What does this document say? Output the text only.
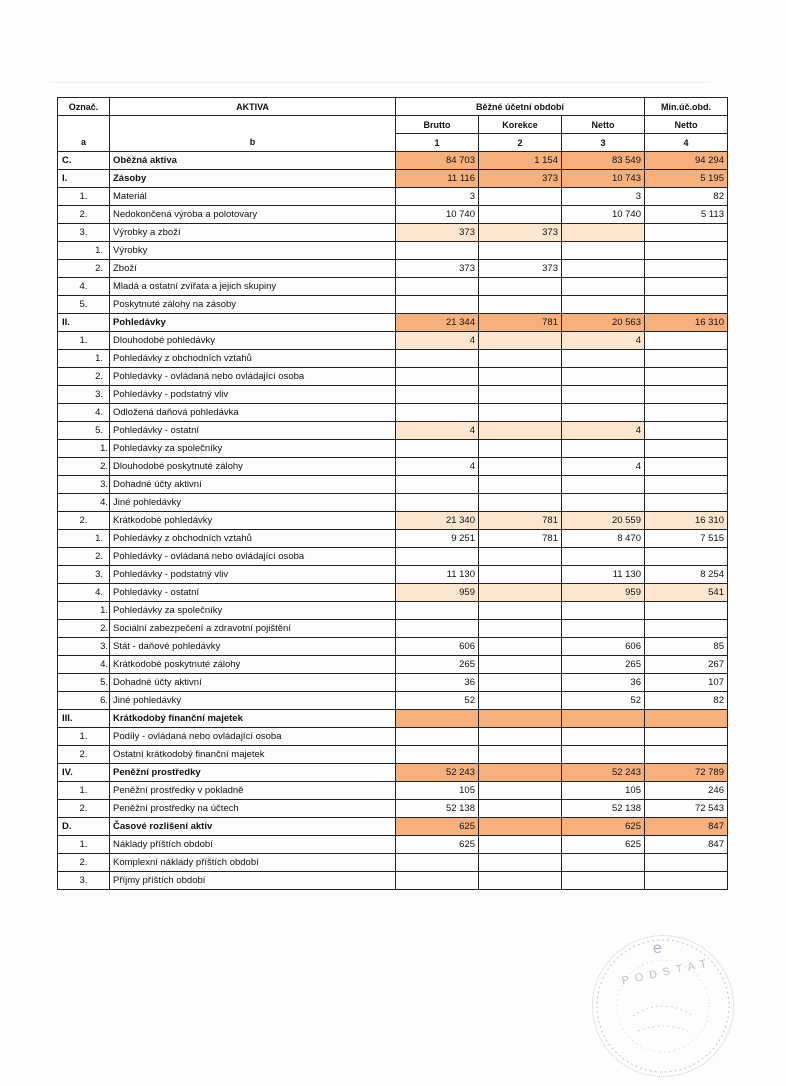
Označ.	AKTIVA	Běžné účetní období			Min.úč.obd.
		Brutto	Korekce	Netto	Netto
a	b	1	2	3	4
C.	Oběžná aktiva	84 703	1 154	83 549	94 294
I.	Zásoby	11 116	373	10 743	5 195
1.	Materiál	3		3	82
2.	Nedokončená výroba a polotovary	10 740		10 740	5 113
3.	Výrobky a zboží	373	373		
1.	Výrobky				
2.	Zboží	373	373		
4.	Mladá a ostatní zvířata a jejich skupiny				
5.	Poskytnuté zálohy na zásoby				
II.	Pohledávky	21 344	781	20 563	16 310
1.	Dlouhodobé pohledávky	4		4	
1.	Pohledávky z obchodních vztahů				
2.	Pohledávky - ovládaná nebo ovládající osoba				
3.	Pohledávky - podstatný vliv				
4.	Odložená daňová pohledávka				
5.	Pohledávky - ostatní	4		4	
1.	Pohledávky za společníky				
2.	Dlouhodobé poskytnuté zálohy	4		4	
3.	Dohadné účty aktivní				
4.	Jiné pohledávky				
2.	Krátkodobé pohledávky	21 340	781	20 559	16 310
1.	Pohledávky z obchodních vztahů	9 251	781	8 470	7 515
2.	Pohledávky - ovládaná nebo ovládající osoba				
3.	Pohledávky - podstatný vliv	11 130		11 130	8 254
4.	Pohledávky - ostatní	959		959	541
1.	Pohledávky za společníky				
2.	Sociální zabezpečení a zdravotní pojištění				
3.	Stát - daňové pohledávky	606		606	85
4.	Krátkodobé poskytnuté zálohy	265		265	267
5.	Dohadné účty aktivní	36		36	107
6.	Jiné pohledávky	52		52	82
III.	Krátkodobý finanční majetek				
1.	Podíly - ovládaná nebo ovládající osoba				
2.	Ostatní krátkodobý finanční majetek				
IV.	Peněžní prostředky	52 243		52 243	72 789
1.	Peněžní prostředky v pokladně	105		105	246
2.	Peněžní prostředky na účtech	52 138		52 138	72 543
D.	Časové rozlišení aktiv	625		625	847
1.	Náklady příštích období	625		625	847
2.	Komplexní náklady příštích období				
3.	Příjmy příštích období				
e
PODSTAT
